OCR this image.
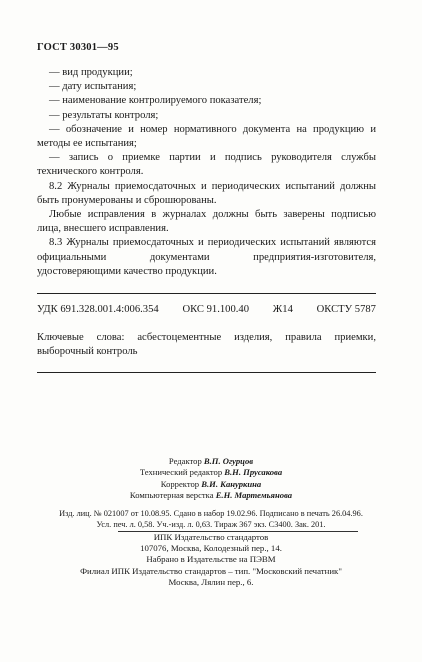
ГОСТ 30301—95

— вид продукции;

— дату испытания;

— наименование контролируемого показателя;

— результаты контроля;

— обозначение и номер нормативного документа на продукцию и методы ее испытания;

— запись о приемке партии и подпись руководителя службы технического контроля.

8.2 Журналы приемосдаточных и периодических испытаний должны быть пронумерованы и сброшюрованы.

Любые исправления в журналах должны быть заверены подписью лица, внесшего исправления.

8.3 Журналы приемосдаточных и периодических испытаний являются официальными документами предприятия-изготовителя, удостоверяющими качество продукции.

УДК 691.328.001.4:006.354 ОКС 91.100.40 Ж14 ОКСТУ 5787
Ключевые слова: асбестоцементные изделия, правила приемки, выборочный контроль
Редактор В.П. Огурцов
Технический редактор В.Н. Прусакова
Корректор В.И. Кануркина
Компьютерная верстка Е.Н. Мартемьянова
Изд. лиц. № 021007 от 10.08.95. Сдано в набор 19.02.96. Подписано в печать 26.04.96.
Усл. печ. л. 0,58. Уч.-изд. л. 0,63. Тираж 367 экз. С3400. Зак. 201.
ИПК Издательство стандартов
107076, Москва, Колодезный пер., 14.
Набрано в Издательстве на ПЭВМ
Филиал ИПК Издательство стандартов – тип. "Московский печатник"
Москва, Лялин пер., 6.
